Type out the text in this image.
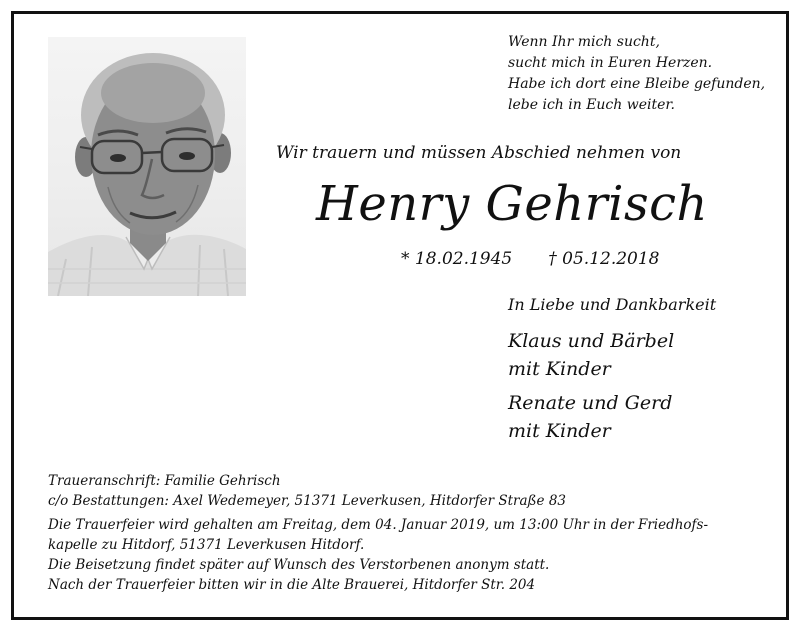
Wenn Ihr mich sucht,
sucht mich in Euren Herzen.
Habe ich dort eine Bleibe gefunden,
lebe ich in Euch weiter.
Wir trauern und müssen Abschied nehmen von
Henry Gehrisch
* 18.02.1945 † 05.12.2018
In Liebe und Dankbarkeit
Klaus und Bärbel
mit Kinder
Renate und Gerd
mit Kinder
Traueranschrift: Familie Gehrisch
c/o Bestattungen: Axel Wedemeyer, 51371 Leverkusen, Hitdorfer Straße 83
Die Trauerfeier wird gehalten am Freitag, dem 04. Januar 2019, um 13:00 Uhr in der Friedhofs-
kapelle zu Hitdorf, 51371 Leverkusen Hitdorf.
Die Beisetzung findet später auf Wunsch des Verstorbenen anonym statt.
Nach der Trauerfeier bitten wir in die Alte Brauerei, Hitdorfer Str. 204
